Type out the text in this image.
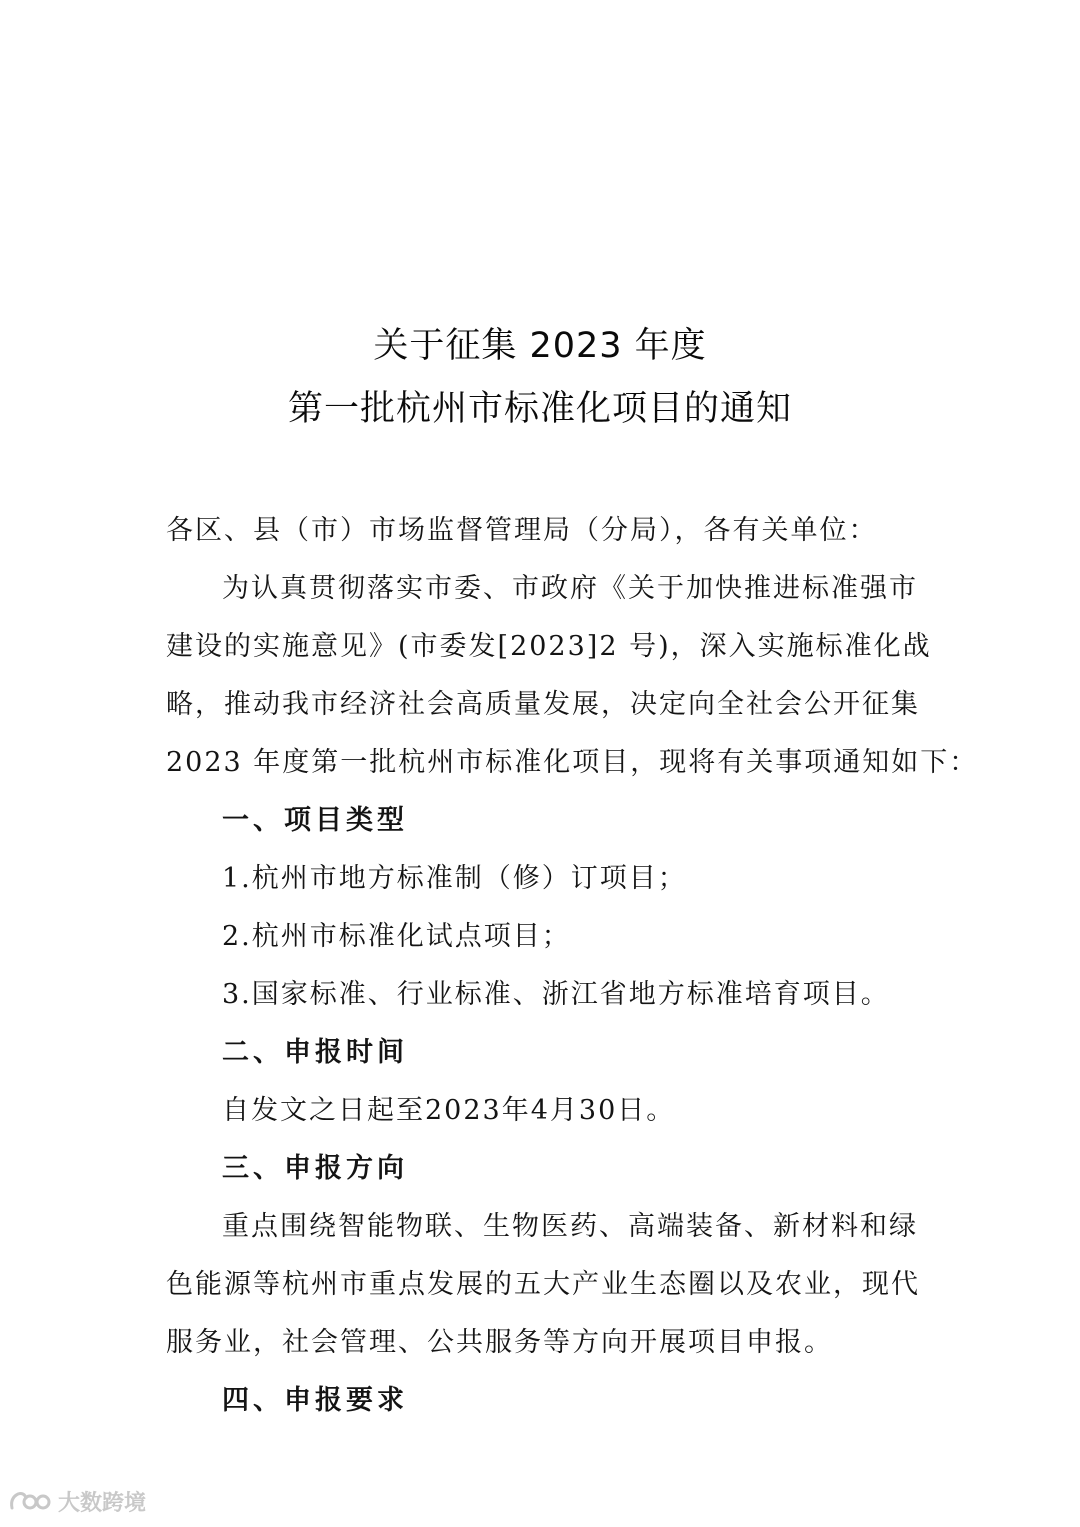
关于征集 2023 年度
第一批杭州市标准化项目的通知
各区、县（市）市场监督管理局（分局），各有关单位：
为认真贯彻落实市委、市政府《关于加快推进标准强市
建设的实施意见》(市委发[2023]2 号)，深入实施标准化战
略，推动我市经济社会高质量发展，决定向全社会公开征集
2023 年度第一批杭州市标准化项目，现将有关事项通知如下：
一、项目类型
1.杭州市地方标准制（修）订项目；
2.杭州市标准化试点项目；
3.国家标准、行业标准、浙江省地方标准培育项目。
二、申报时间
自发文之日起至2023年4月30日。
三、申报方向
重点围绕智能物联、生物医药、高端装备、新材料和绿
色能源等杭州市重点发展的五大产业生态圈以及农业，现代
服务业，社会管理、公共服务等方向开展项目申报。
四、申报要求
大数跨境
